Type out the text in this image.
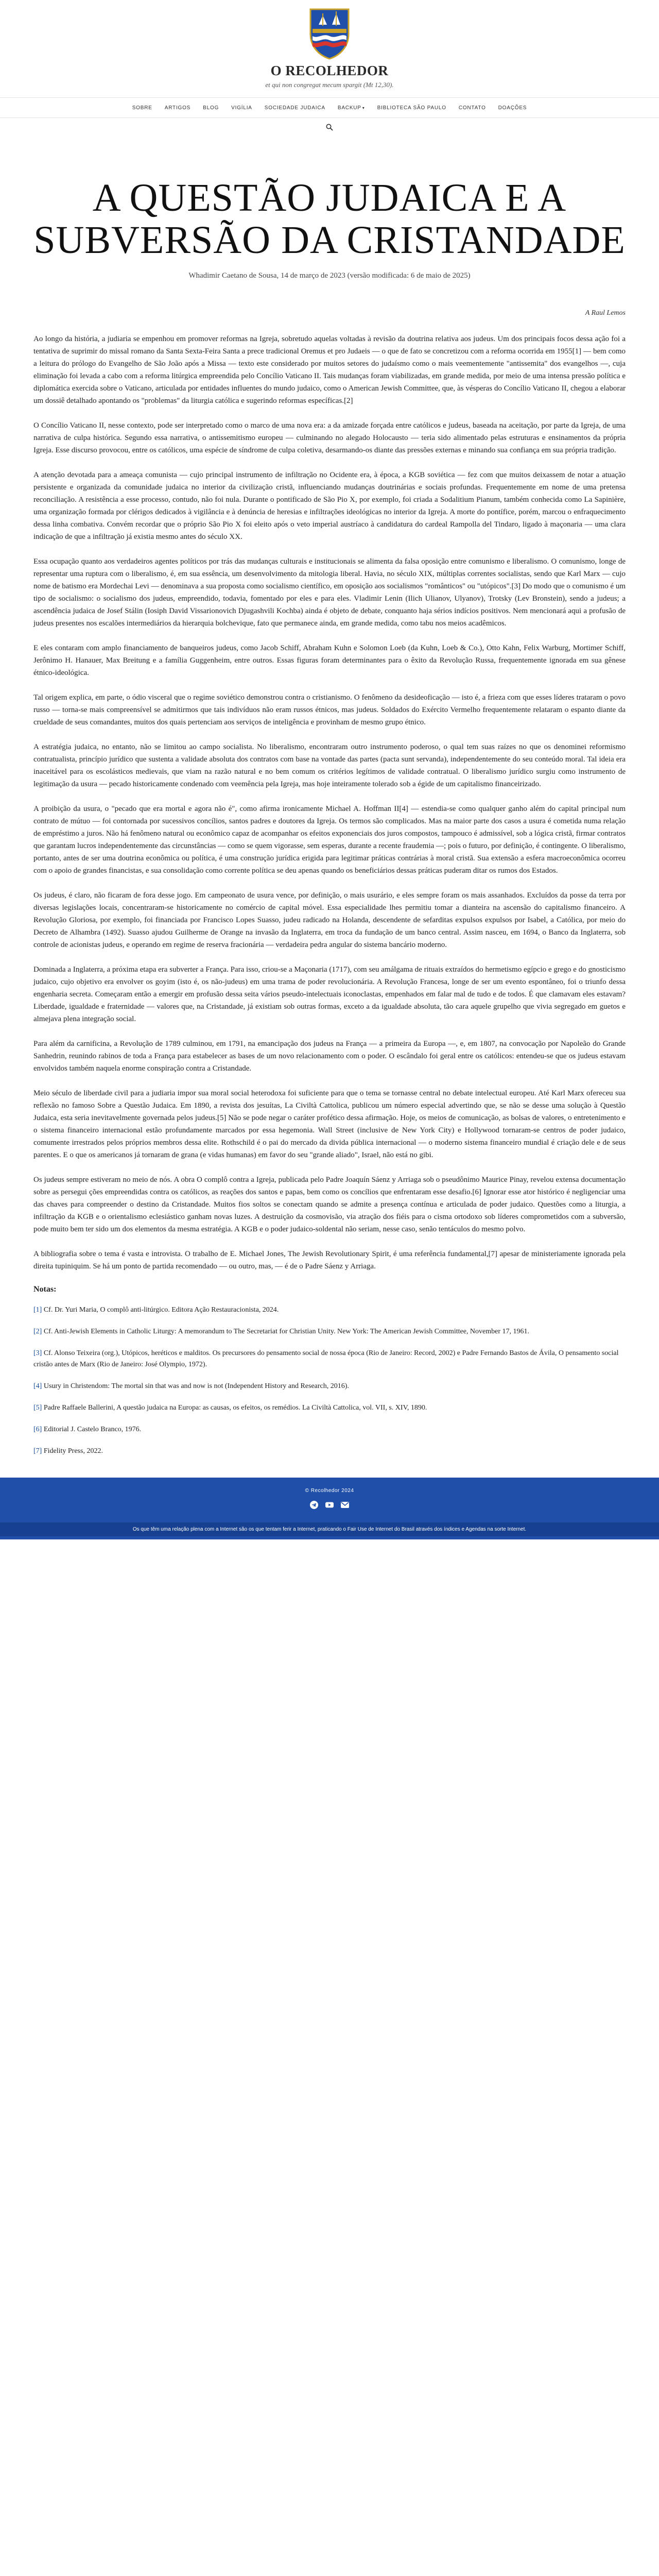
O RECOLHEDOR
et qui non congregat mecum spargit (Mt 12,30).
SOBRE	ARTIGOS	BLOG	VIGÍLIA	SOCIEDADE JUDAICA	BACKUP ▾	BIBLIOTECA SÃO PAULO	CONTATO	DOAÇÕES
A QUESTÃO JUDAICA E A SUBVERSÃO DA CRISTANDADE
Whadimir Caetano de Sousa, 14 de março de 2023 (versão modificada: 6 de maio de 2025)
A Raul Lemos

Ao longo da história, a judiaria se empenhou em promover reformas na Igreja, sobretudo aquelas voltadas à revisão da doutrina relativa aos judeus. Um dos principais focos dessa ação foi a tentativa de suprimir do missal romano da Santa Sexta-Feira Santa a prece tradicional Oremus et pro Judaeis — o que de fato se concretizou com a reforma ocorrida em 1955[1] — bem como a leitura do prólogo do Evangelho de São João após a Missa — texto este considerado por muitos setores do judaísmo como o mais veementemente "antissemita" dos evangelhos —, cuja eliminação foi levada a cabo com a reforma litúrgica empreendida pelo Concílio Vaticano II. Tais mudanças foram viabilizadas, em grande medida, por meio de uma intensa pressão política e diplomática exercida sobre o Vaticano, articulada por entidades influentes do mundo judaico, como o American Jewish Committee, que, às vésperas do Concílio Vaticano II, chegou a elaborar um dossiê detalhado apontando os "problemas" da liturgia católica e sugerindo reformas específicas.[2]

O Concílio Vaticano II, nesse contexto, pode ser interpretado como o marco de uma nova era: a da amizade forçada entre católicos e judeus, baseada na aceitação, por parte da Igreja, de uma narrativa de culpa histórica. Segundo essa narrativa, o antissemitismo europeu — culminando no alegado Holocausto — teria sido alimentado pelas estruturas e ensinamentos da própria Igreja. Esse discurso provocou, entre os católicos, uma espécie de síndrome de culpa coletiva, desarmando-os diante das pressões externas e minando sua confiança em sua própria tradição.

A atenção devotada para a ameaça comunista — cujo principal instrumento de infiltração no Ocidente era, à época, a KGB soviética — fez com que muitos deixassem de notar a atuação persistente e organizada da comunidade judaica no interior da civilização cristã, influenciando mudanças doutrinárias e sociais profundas. Frequentemente em nome de uma pretensa reconciliação. A resistência a esse processo, contudo, não foi nula. Durante o pontificado de São Pio X, por exemplo, foi criada a Sodalitium Pianum, também conhecida como La Sapinière, uma organização formada por clérigos dedicados à vigilância e à denúncia de heresias e infiltrações ideológicas no interior da Igreja. A morte do pontífice, porém, marcou o enfraquecimento dessa linha combativa. Convém recordar que o próprio São Pio X foi eleito após o veto imperial austríaco à candidatura do cardeal Rampolla del Tindaro, ligado à maçonaria — uma clara indicação de que a infiltração já existia mesmo antes do século XX.

Essa ocupação quanto aos verdadeiros agentes políticos por trás das mudanças culturais e institucionais se alimenta da falsa oposição entre comunismo e liberalismo. O comunismo, longe de representar uma ruptura com o liberalismo, é, em sua essência, um desenvolvimento da mitologia liberal. Havia, no século XIX, múltiplas correntes socialistas, sendo que Karl Marx — cujo nome de batismo era Mordechai Levi — denominava a sua proposta como socialismo científico, em oposição aos socialismos "românticos" ou "utópicos".[3] Do modo que o comunismo é um tipo de socialismo: o socialismo dos judeus, empreendido, todavia, fomentado por eles e para eles. Vladimir Lenin (Ilich Ulianov, Ulyanov), Trotsky (Lev Bronstein), sendo a judeus; a ascendência judaica de Josef Stálin (Iosiph David Vissarionovich Djugashvili Kochba) ainda é objeto de debate, conquanto haja sérios indícios positivos. Nem mencionará aqui a profusão de judeus presentes nos escalões intermediários da hierarquia bolchevique, fato que permanece ainda, em grande medida, como tabu nos meios acadêmicos.

E eles contaram com amplo financiamento de banqueiros judeus, como Jacob Schiff, Abraham Kuhn e Solomon Loeb (da Kuhn, Loeb & Co.), Otto Kahn, Felix Warburg, Mortimer Schiff, Jerônimo H. Hanauer, Max Breitung e a família Guggenheim, entre outros. Essas figuras foram determinantes para o êxito da Revolução Russa, frequentemente ignorada em sua gênese étnico-ideológica.

Tal origem explica, em parte, o ódio visceral que o regime soviético demonstrou contra o cristianismo. O fenômeno da desideoficação — isto é, a frieza com que esses líderes trataram o povo russo — torna-se mais compreensível se admitirmos que tais indivíduos não eram russos étnicos, mas judeus. Soldados do Exército Vermelho frequentemente relataram o espanto diante da crueldade de seus comandantes, muitos dos quais pertenciam aos serviços de inteligência e provinham de mesmo grupo étnico.

A estratégia judaica, no entanto, não se limitou ao campo socialista. No liberalismo, encontraram outro instrumento poderoso, o qual tem suas raízes no que os denominei reformismo contratualista, princípio jurídico que sustenta a validade absoluta dos contratos com base na vontade das partes (pacta sunt servanda), independentemente do seu conteúdo moral. Tal ideia era inaceitável para os escolásticos medievais, que viam na razão natural e no bem comum os critérios legítimos de validade contratual. O liberalismo jurídico surgiu como instrumento de legitimação da usura — pecado historicamente condenado com veemência pela Igreja, mas hoje inteiramente tolerado sob a égide de um capitalismo financeirizado.

A proibição da usura, o "pecado que era mortal e agora não é", como afirma ironicamente Michael A. Hoffman II[4] — estendia-se como qualquer ganho além do capital principal num contrato de mútuo — foi contornada por sucessivos concílios, santos padres e doutores da Igreja. Os termos são complicados. Mas na maior parte dos casos a usura é cometida numa relação de empréstimo a juros. Não há fenômeno natural ou econômico capaz de acompanhar os efeitos exponenciais dos juros compostos, tampouco é admissível, sob a lógica cristã, firmar contratos que garantam lucros independentemente das circunstâncias — como se quem vigorasse, sem esperas, durante a recente fraudemia —; pois o futuro, por definição, é contingente. O liberalismo, portanto, antes de ser uma doutrina econômica ou política, é uma construção jurídica erigida para legitimar práticas contrárias à moral cristã. Sua extensão a esfera macroeconômica ocorreu com o apoio de grandes financistas, e sua consolidação como corrente política se deu apenas quando os beneficiários dessas práticas puderam ditar os rumos dos Estados.

Os judeus, é claro, não ficaram de fora desse jogo. Em campeonato de usura vence, por definição, o mais usurário, e eles sempre foram os mais assanhados. Excluídos da posse da terra por diversas legislações locais, concentraram-se historicamente no comércio de capital móvel. Essa especialidade lhes permitiu tomar a dianteira na ascensão do capitalismo financeiro. A Revolução Gloriosa, por exemplo, foi financiada por Francisco Lopes Suasso, judeu radicado na Holanda, descendente de sefarditas expulsos expulsos por Isabel, a Católica, por meio do Decreto de Alhambra (1492). Suasso ajudou Guilherme de Orange na invasão da Inglaterra, em troca da fundação de um banco central. Assim nasceu, em 1694, o Banco da Inglaterra, sob controle de acionistas judeus, e operando em regime de reserva fracionária — verdadeira pedra angular do sistema bancário moderno.

Dominada a Inglaterra, a próxima etapa era subverter a França. Para isso, criou-se a Maçonaria (1717), com seu amálgama de rituais extraídos do hermetismo egípcio e grego e do gnosticismo judaico, cujo objetivo era envolver os goyim (isto é, os não-judeus) em uma trama de poder revolucionária. A Revolução Francesa, longe de ser um evento espontâneo, foi o triunfo dessa engenharia secreta. Começaram então a emergir em profusão dessa seita vários pseudo-intelectuais iconoclastas, empenhados em falar mal de tudo e de todos. É que clamavam eles estavam? Liberdade, igualdade e fraternidade — valores que, na Cristandade, já existiam sob outras formas, exceto a da igualdade absoluta, tão cara aquele grupelho que vivia segregado em guetos e almejava plena integração social.

Para além da carnificina, a Revolução de 1789 culminou, em 1791, na emancipação dos judeus na França — a primeira da Europa —, e, em 1807, na convocação por Napoleão do Grande Sanhedrin, reunindo rabinos de toda a França para estabelecer as bases de um novo relacionamento com o poder. O escândalo foi geral entre os católicos: entendeu-se que os judeus estavam envolvidos também naquela enorme conspiração contra a Cristandade.

Meio século de liberdade civil para a judiaria impor sua moral social heterodoxa foi suficiente para que o tema se tornasse central no debate intelectual europeu. Até Karl Marx ofereceu sua reflexão no famoso Sobre a Questão Judaica. Em 1890, a revista dos jesuítas, La Civiltà Cattolica, publicou um número especial advertindo que, se não se desse uma solução à Questão Judaica, esta seria inevitavelmente governada pelos judeus.[5] Não se pode negar o caráter profético dessa afirmação. Hoje, os meios de comunicação, as bolsas de valores, o entretenimento e o sistema financeiro internacional estão profundamente marcados por essa hegemonia. Wall Street (inclusive de New York City) e Hollywood tornaram-se centros de poder judaico, comumente irrestrados pelos próprios membros dessa elite. Rothschild é o pai do mercado da divida pública internacional — o moderno sistema financeiro mundial é criação dele e de seus parentes. E o que os americanos já tornaram de grana (e vidas humanas) em favor do seu "grande aliado", Israel, não está no gibi.

Os judeus sempre estiveram no meio de nós. A obra O complô contra a Igreja, publicada pelo Padre Joaquín Sáenz y Arriaga sob o pseudônimo Maurice Pinay, revelou extensa documentação sobre as persegui ções empreendidas contra os católicos, as reações dos santos e papas, bem como os concílios que enfrentaram esse desafio.[6] Ignorar esse ator histórico é negligenciar uma das chaves para compreender o destino da Cristandade. Muitos fios soltos se conectam quando se admite a presença contínua e articulada de poder judaico. Questões como a liturgia, a infiltração da KGB e o orientalismo eclesiástico ganham novas luzes. A destruição da cosmovisão, via atração dos fiéis para o cisma ortodoxo sob líderes comprometidos com a subversão, pode muito bem ter sido um dos elementos da mesma estratégia. A KGB e o poder judaico-soldental não seriam, nesse caso, senão tentáculos do mesmo polvo.

A bibliografia sobre o tema é vasta e introvista. O trabalho de E. Michael Jones, The Jewish Revolutionary Spirit, é uma referência fundamental,[7] apesar de ministeriamente ignorada pela direita tupiniquim. Se há um ponto de partida recomendado — ou outro, mas, — é de o Padre Sáenz y Arriaga.

Notas:
[1] Cf. Dr. Yuri Maria, O complô anti-litúrgico. Editora Ação Restauracionista, 2024.
[2] Cf. Anti-Jewish Elements in Catholic Liturgy: A memorandum to The Secretariat for Christian Unity. New York: The American Jewish Committee, November 17, 1961.
[3] Cf. Alonso Teixeira (org.), Utópicos, heréticos e malditos. Os precursores do pensamento social de nossa época (Rio de Janeiro: Record, 2002) e Padre Fernando Bastos de Ávila, O pensamento social cristão antes de Marx (Rio de Janeiro: José Olympio, 1972).
[4] Usury in Christendom: The mortal sin that was and now is not (Independent History and Research, 2016).
[5] Padre Raffaele Ballerini, A questão judaica na Europa: as causas, os efeitos, os remédios. La Civiltà Cattolica, vol. VII, s. XIV, 1890.
[6] Editorial J. Castelo Branco, 1976.
[7] Fidelity Press, 2022.
© Recolhedor 2024
Os que têm uma relação plena com a Internet são os que tentam ferir a Internet, praticando o Fair Use de Internet do Brasil através dos índices e Agendas na sorte Internet.
